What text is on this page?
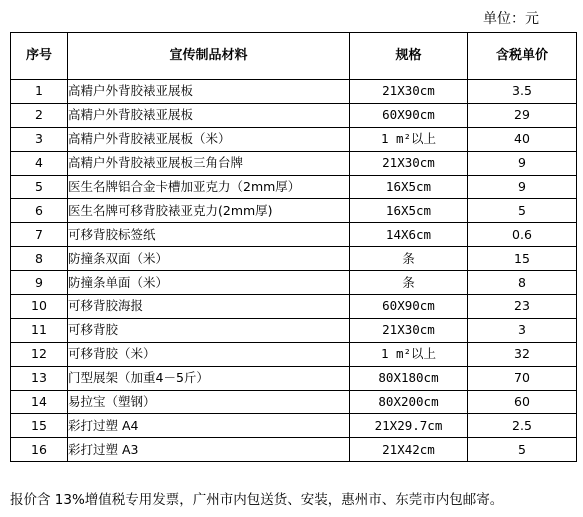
单位：元
序号	宣传制品材料	规格	含税单价
1	高精户外背胶裱亚展板	21X30cm	3.5
2	高精户外背胶裱亚展板	60X90cm	29
3	高精户外背胶裱亚展板（米）	1 m²以上	40
4	高精户外背胶裱亚展板三角台牌	21X30cm	9
5	医生名牌铝合金卡槽加亚克力（2mm厚）	16X5cm	9
6	医生名牌可移背胶裱亚克力(2mm厚)	16X5cm	5
7	可移背胶标签纸	14X6cm	0.6
8	防撞条双面（米）	条	15
9	防撞条单面（米）	条	8
10	可移背胶海报	60X90cm	23
11	可移背胶	21X30cm	3
12	可移背胶（米）	1 m²以上	32
13	门型展架（加重4－5斤）	80X180cm	70
14	易拉宝（塑钢）	80X200cm	60
15	彩打过塑 A4	21X29.7cm	2.5
16	彩打过塑 A3	21X42cm	5
报价含 13%增值税专用发票，广州市内包送货、安装，惠州市、东莞市内包邮寄。
